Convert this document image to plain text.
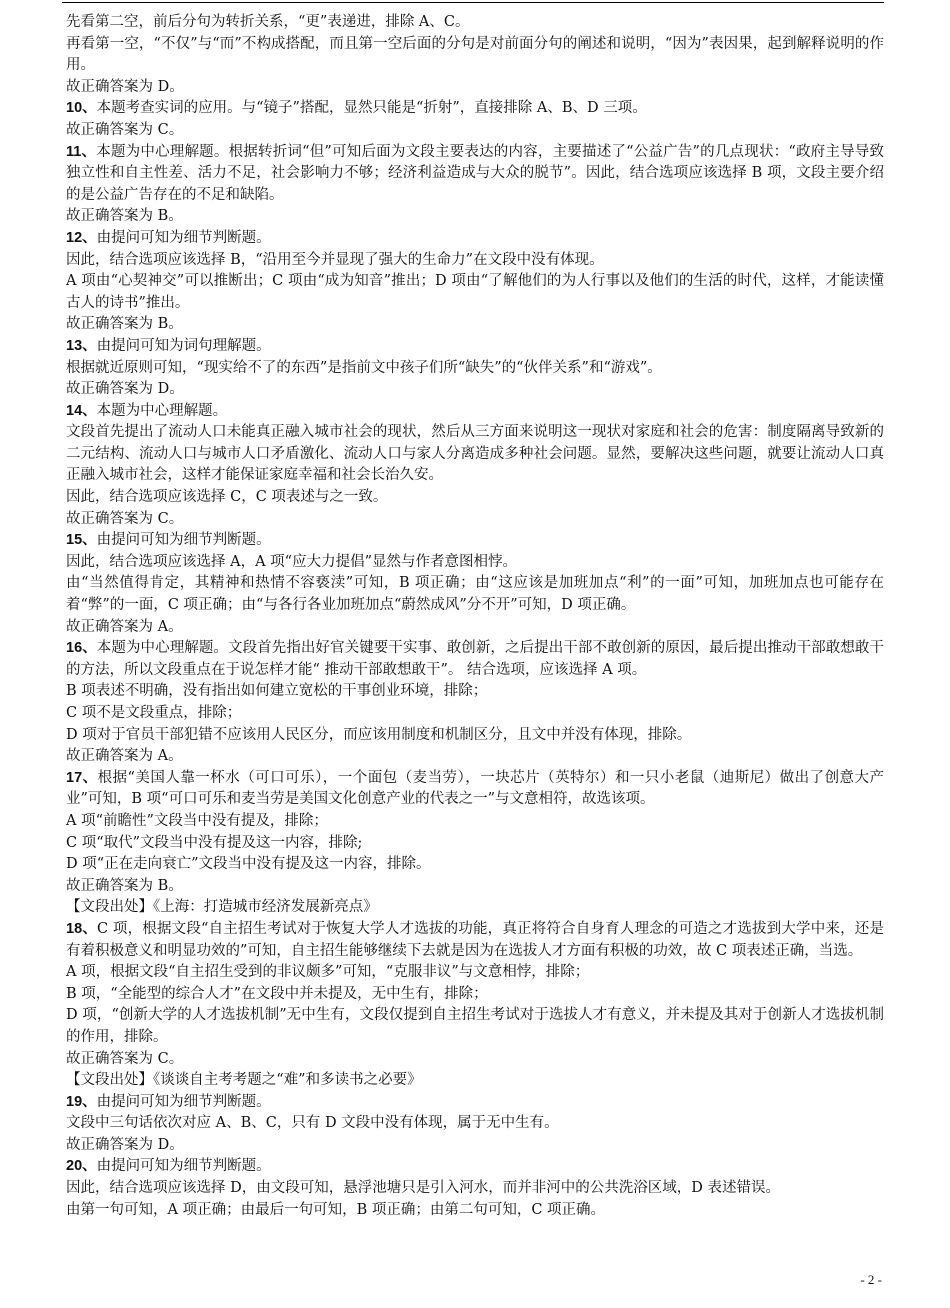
先看第二空，前后分句为转折关系，“更”表递进，排除 A、C。

再看第一空，“不仅”与“而”不构成搭配，而且第一空后面的分句是对前面分句的阐述和说明，“因为”表因果，起到解释说明的作用。

故正确答案为 D。

10、本题考查实词的应用。与“镜子”搭配，显然只能是“折射”，直接排除 A、B、D 三项。

故正确答案为 C。

11、本题为中心理解题。根据转折词“但”可知后面为文段主要表达的内容，主要描述了“公益广告”的几点现状：“政府主导导致独立性和自主性差、活力不足，社会影响力不够；经济利益造成与大众的脱节”。因此，结合选项应该选择 B 项，文段主要介绍的是公益广告存在的不足和缺陷。

故正确答案为 B。

12、由提问可知为细节判断题。

因此，结合选项应该选择 B，“沿用至今并显现了强大的生命力”在文段中没有体现。

A 项由“心契神交”可以推断出；C 项由“成为知音”推出；D 项由“了解他们的为人行事以及他们的生活的时代，这样，才能读懂古人的诗书”推出。

故正确答案为 B。

13、由提问可知为词句理解题。

根据就近原则可知，“现实给不了的东西”是指前文中孩子们所“缺失”的“伙伴关系”和“游戏”。

故正确答案为 D。

14、本题为中心理解题。

文段首先提出了流动人口未能真正融入城市社会的现状，然后从三方面来说明这一现状对家庭和社会的危害：制度隔离导致新的二元结构、流动人口与城市人口矛盾激化、流动人口与家人分离造成多种社会问题。显然，要解决这些问题，就要让流动人口真正融入城市社会，这样才能保证家庭幸福和社会长治久安。

因此，结合选项应该选择 C，C 项表述与之一致。

故正确答案为 C。

15、由提问可知为细节判断题。

因此，结合选项应该选择 A，A 项“应大力提倡”显然与作者意图相悖。

由“当然值得肯定，其精神和热情不容亵渎”可知，B 项正确；由“这应该是加班加点“利”的一面”可知，加班加点也可能存在着“弊”的一面，C 项正确；由“与各行各业加班加点“蔚然成风”分不开”可知，D 项正确。

故正确答案为 A。

16、本题为中心理解题。文段首先指出好官关键要干实事、敢创新，之后提出干部不敢创新的原因，最后提出推动干部敢想敢干的方法，所以文段重点在于说怎样才能“ 推动干部敢想敢干”。 结合选项，应该选择 A 项。

B 项表述不明确，没有指出如何建立宽松的干事创业环境，排除；

C 项不是文段重点，排除；

D 项对于官员干部犯错不应该用人民区分，而应该用制度和机制区分，且文中并没有体现，排除。

故正确答案为 A。

17、根据“美国人靠一杯水（可口可乐），一个面包（麦当劳），一块芯片（英特尔）和一只小老鼠（迪斯尼）做出了创意大产业”可知，B 项“可口可乐和麦当劳是美国文化创意产业的代表之一”与文意相符，故选该项。

A 项“前瞻性”文段当中没有提及，排除；

C 项“取代”文段当中没有提及这一内容，排除;

D 项“正在走向衰亡”文段当中没有提及这一内容，排除。

故正确答案为 B。

【文段出处】《上海：打造城市经济发展新亮点》

18、C 项，根据文段“自主招生考试对于恢复大学人才选拔的功能，真正将符合自身育人理念的可造之才选拔到大学中来，还是有着积极意义和明显功效的”可知，自主招生能够继续下去就是因为在选拔人才方面有积极的功效，故 C 项表述正确，当选。

A 项，根据文段“自主招生受到的非议颇多”可知，“克服非议”与文意相悖，排除；

B 项，“全能型的综合人才”在文段中并未提及，无中生有，排除；

D 项，“创新大学的人才选拔机制”无中生有，文段仅提到自主招生考试对于选拔人才有意义，并未提及其对于创新人才选拔机制的作用，排除。

故正确答案为 C。

【文段出处】《谈谈自主考考题之“难”和多读书之必要》

19、由提问可知为细节判断题。

文段中三句话依次对应 A、B、C，只有 D 文段中没有体现，属于无中生有。

故正确答案为 D。

20、由提问可知为细节判断题。

因此，结合选项应该选择 D，由文段可知，悬浮池塘只是引入河水，而并非河中的公共洗浴区域，D 表述错误。

由第一句可知，A 项正确；由最后一句可知，B 项正确；由第二句可知，C 项正确。

- 2 -
